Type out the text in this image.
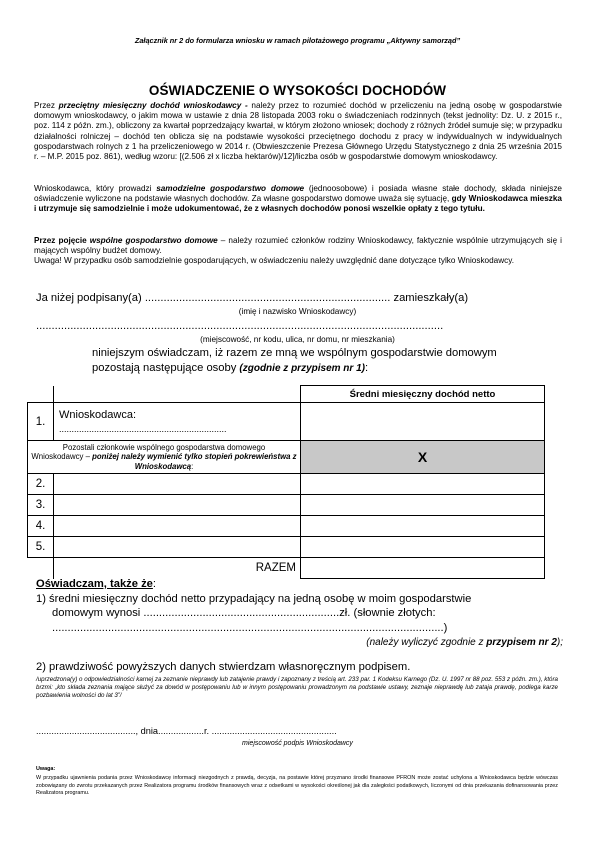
Załącznik nr 2 do formularza wniosku w ramach pilotażowego programu „Aktywny samorząd”
OŚWIADCZENIE O WYSOKOŚCI DOCHODÓW
Przez przeciętny miesięczny dochód wnioskodawcy - należy przez to rozumieć dochód w przeliczeniu na jedną osobę w gospodarstwie domowym wnioskodawcy, o jakim mowa w ustawie z dnia 28 listopada 2003 roku o świadczeniach rodzinnych (tekst jednolity: Dz. U. z 2015 r., poz. 114 z późn. zm.), obliczony za kwartał poprzedzający kwartał, w którym złożono wniosek; dochody z różnych źródeł sumuje się; w przypadku działalności rolniczej – dochód ten oblicza się na podstawie wysokości przeciętnego dochodu z pracy w indywidualnych w indywidualnych gospodarstwach rolnych z 1 ha przeliczeniowego w 2014 r. (Obwieszczenie Prezesa Głównego Urzędu Statystycznego z dnia 25 września 2015 r. – M.P. 2015 poz. 861), według wzoru: [(2.506 zł x liczba hektarów)/12]/liczba osób w gospodarstwie domowym wnioskodawcy.
Wnioskodawca, który prowadzi samodzielne gospodarstwo domowe (jednoosobowe) i posiada własne stałe dochody, składa niniejsze oświadczenie wyliczone na podstawie własnych dochodów. Za własne gospodarstwo domowe uważa się sytuację, gdy Wnioskodawca mieszka i utrzymuje się samodzielnie i może udokumentować, że z własnych dochodów ponosi wszelkie opłaty z tego tytułu.
Przez pojęcie wspólne gospodarstwo domowe – należy rozumieć członków rodziny Wnioskodawcy, faktycznie wspólnie utrzymujących się i mających wspólny budżet domowy.
Uwaga! W przypadku osób samodzielnie gospodarujących, w oświadczeniu należy uwzględnić dane dotyczące tylko Wnioskodawcy.
Ja niżej podpisany(a) ............................................................................... zamieszkały(a)
(imię i nazwisko Wnioskodawcy)
...................................................................................................................................
(miejscowość, nr kodu, ulica, nr domu, nr mieszkania)
niniejszym oświadczam, iż razem ze mną we wspólnym gospodarstwie domowym
pozostają następujące osoby (zgodnie z przypisem nr 1):
		Średni miesięczny dochód netto
1.	Wnioskodawca:
...................................................................	

Pozostali członkowie wspólnego gospodarstwa domowego
Wnioskodawcy – poniżej należy wymienić tylko stopień pokrewieństwa z Wnioskodawcą:		X
2.		
3.		
4.		
5.		
	RAZEM	
Oświadczam, także że:
1) średni miesięczny dochód netto przypadający na jedną osobę w moim gospodarstwie
domowym wynosi ...............................................................zł. (słownie złotych:
..............................................................................................................................)
(należy wyliczyć zgodnie z przypisem nr 2);
2) prawdziwość powyższych danych stwierdzam własnoręcznym podpisem.
/uprzedzona(y) o odpowiedzialności karnej za zeznanie nieprawdy lub zatajenie prawdy i zapoznany z treścią art. 233 par. 1 Kodeksu Karnego (Dz. U. 1997 nr 88 poz. 553 z późn. zm.), która brzmi: „kto składa zeznania mające służyć za dowód w postępowaniu lub w innym postępowaniu prowadzonym na podstawie ustawy, zeznaje nieprawdę lub zataja prawdę, podlega karze pozbawienia wolności do lat 3”/
......................................., dnia..................r. .................................................
miejscowość podpis Wnioskodawcy
Uwaga:
W przypadku ujawnienia podania przez Wnioskodawcę informacji niezgodnych z prawdą, decyzja, na postawie której przyznano środki finansowe PFRON może zostać uchylona a Wnioskodawca będzie wówczas zobowiązany do zwrotu przekazanych przez Realizatora programu środków finansowych wraz z odsetkami w wysokości określonej jak dla zaległości podatkowych, liczonymi od dnia przekazania dofinansowania przez Realizatora programu.
